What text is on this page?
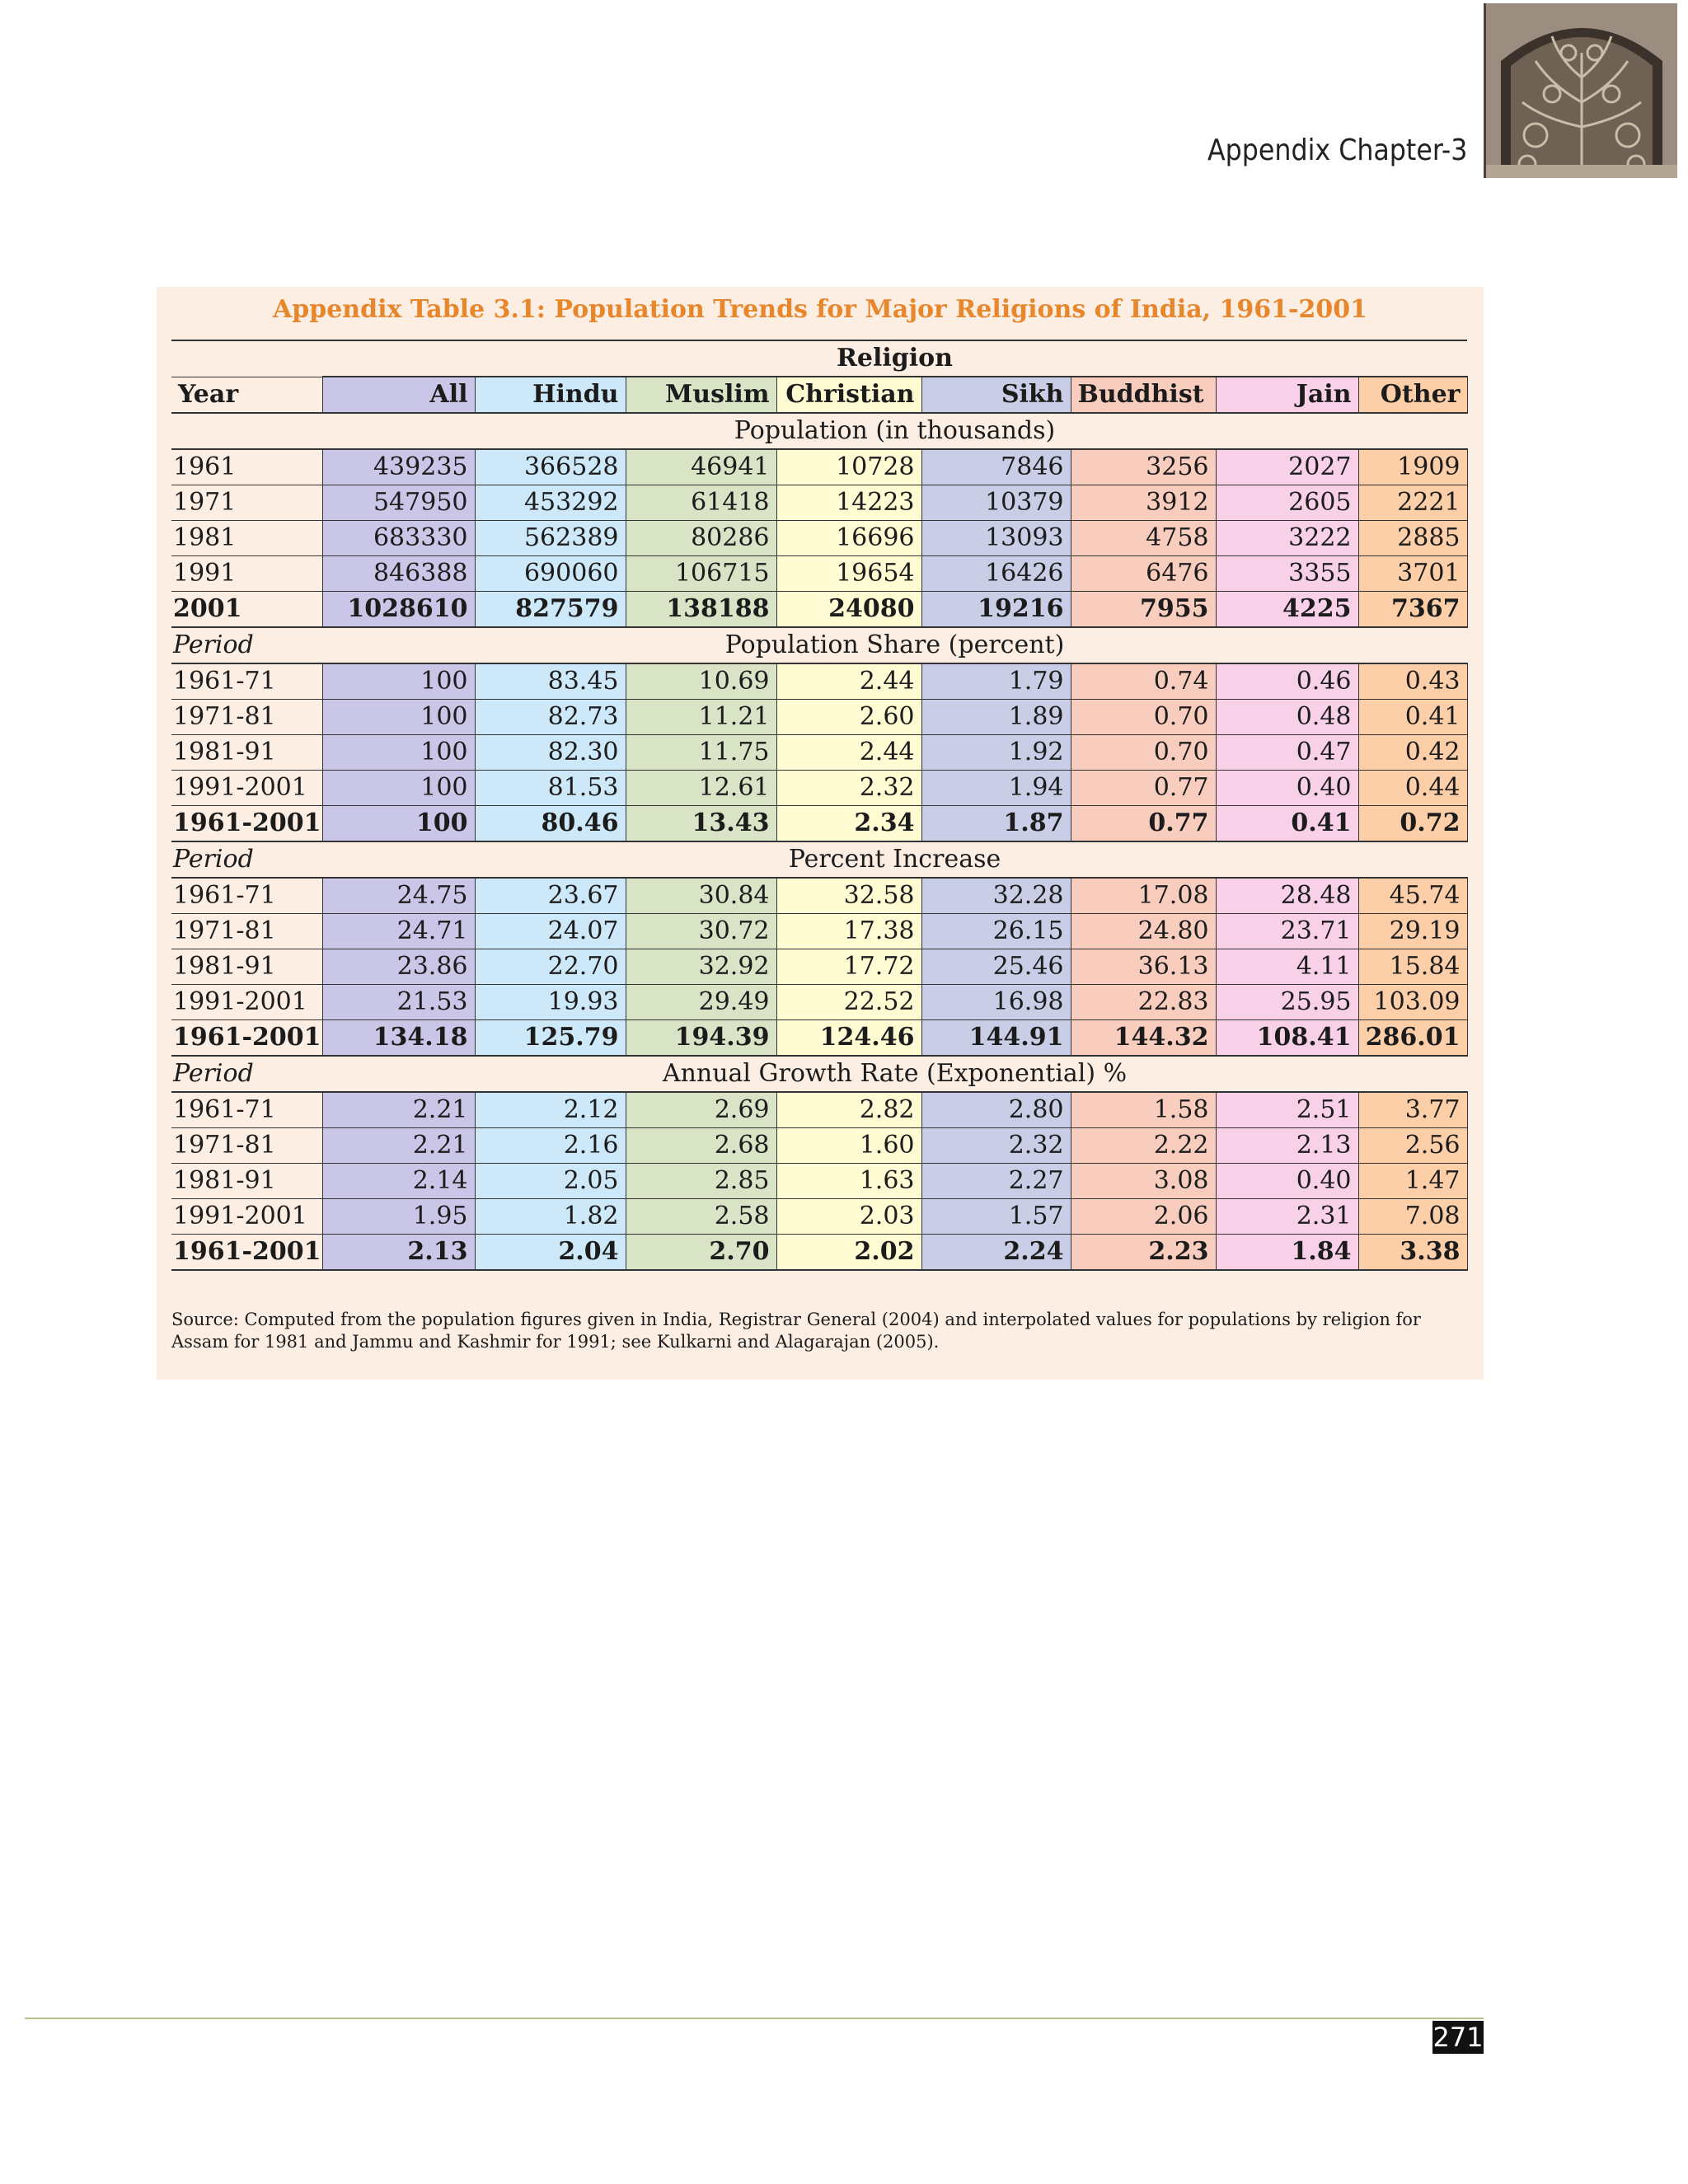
Appendix Chapter-3
Appendix Table 3.1: Population Trends for Major Religions of India, 1961-2001

	Religion							
Year	All	Hindu	Muslim	Christian	Sikh	Buddhist	Jain	Other
	Population (in thousands)							
1961	439235	366528	46941	10728	7846	3256	2027	1909
1971	547950	453292	61418	14223	10379	3912	2605	2221
1981	683330	562389	80286	16696	13093	4758	3222	2885
1991	846388	690060	106715	19654	16426	6476	3355	3701
2001	1028610	827579	138188	24080	19216	7955	4225	7367
Period	Population Share (percent)							
1961-71	100	83.45	10.69	2.44	1.79	0.74	0.46	0.43
1971-81	100	82.73	11.21	2.60	1.89	0.70	0.48	0.41
1981-91	100	82.30	11.75	2.44	1.92	0.70	0.47	0.42
1991-2001	100	81.53	12.61	2.32	1.94	0.77	0.40	0.44
1961-2001	100	80.46	13.43	2.34	1.87	0.77	0.41	0.72
Period	Percent Increase							
1961-71	24.75	23.67	30.84	32.58	32.28	17.08	28.48	45.74
1971-81	24.71	24.07	30.72	17.38	26.15	24.80	23.71	29.19
1981-91	23.86	22.70	32.92	17.72	25.46	36.13	4.11	15.84
1991-2001	21.53	19.93	29.49	22.52	16.98	22.83	25.95	103.09
1961-2001	134.18	125.79	194.39	124.46	144.91	144.32	108.41	286.01
Period	Annual Growth Rate (Exponential) %							
1961-71	2.21	2.12	2.69	2.82	2.80	1.58	2.51	3.77
1971-81	2.21	2.16	2.68	1.60	2.32	2.22	2.13	2.56
1981-91	2.14	2.05	2.85	1.63	2.27	3.08	0.40	1.47
1991-2001	1.95	1.82	2.58	2.03	1.57	2.06	2.31	7.08
1961-2001	2.13	2.04	2.70	2.02	2.24	2.23	1.84	3.38
Source: Computed from the population figures given in India, Registrar General (2004) and interpolated values for populations by religion for Assam for 1981 and Jammu and Kashmir for 1991; see Kulkarni and Alagarajan (2005).
271
